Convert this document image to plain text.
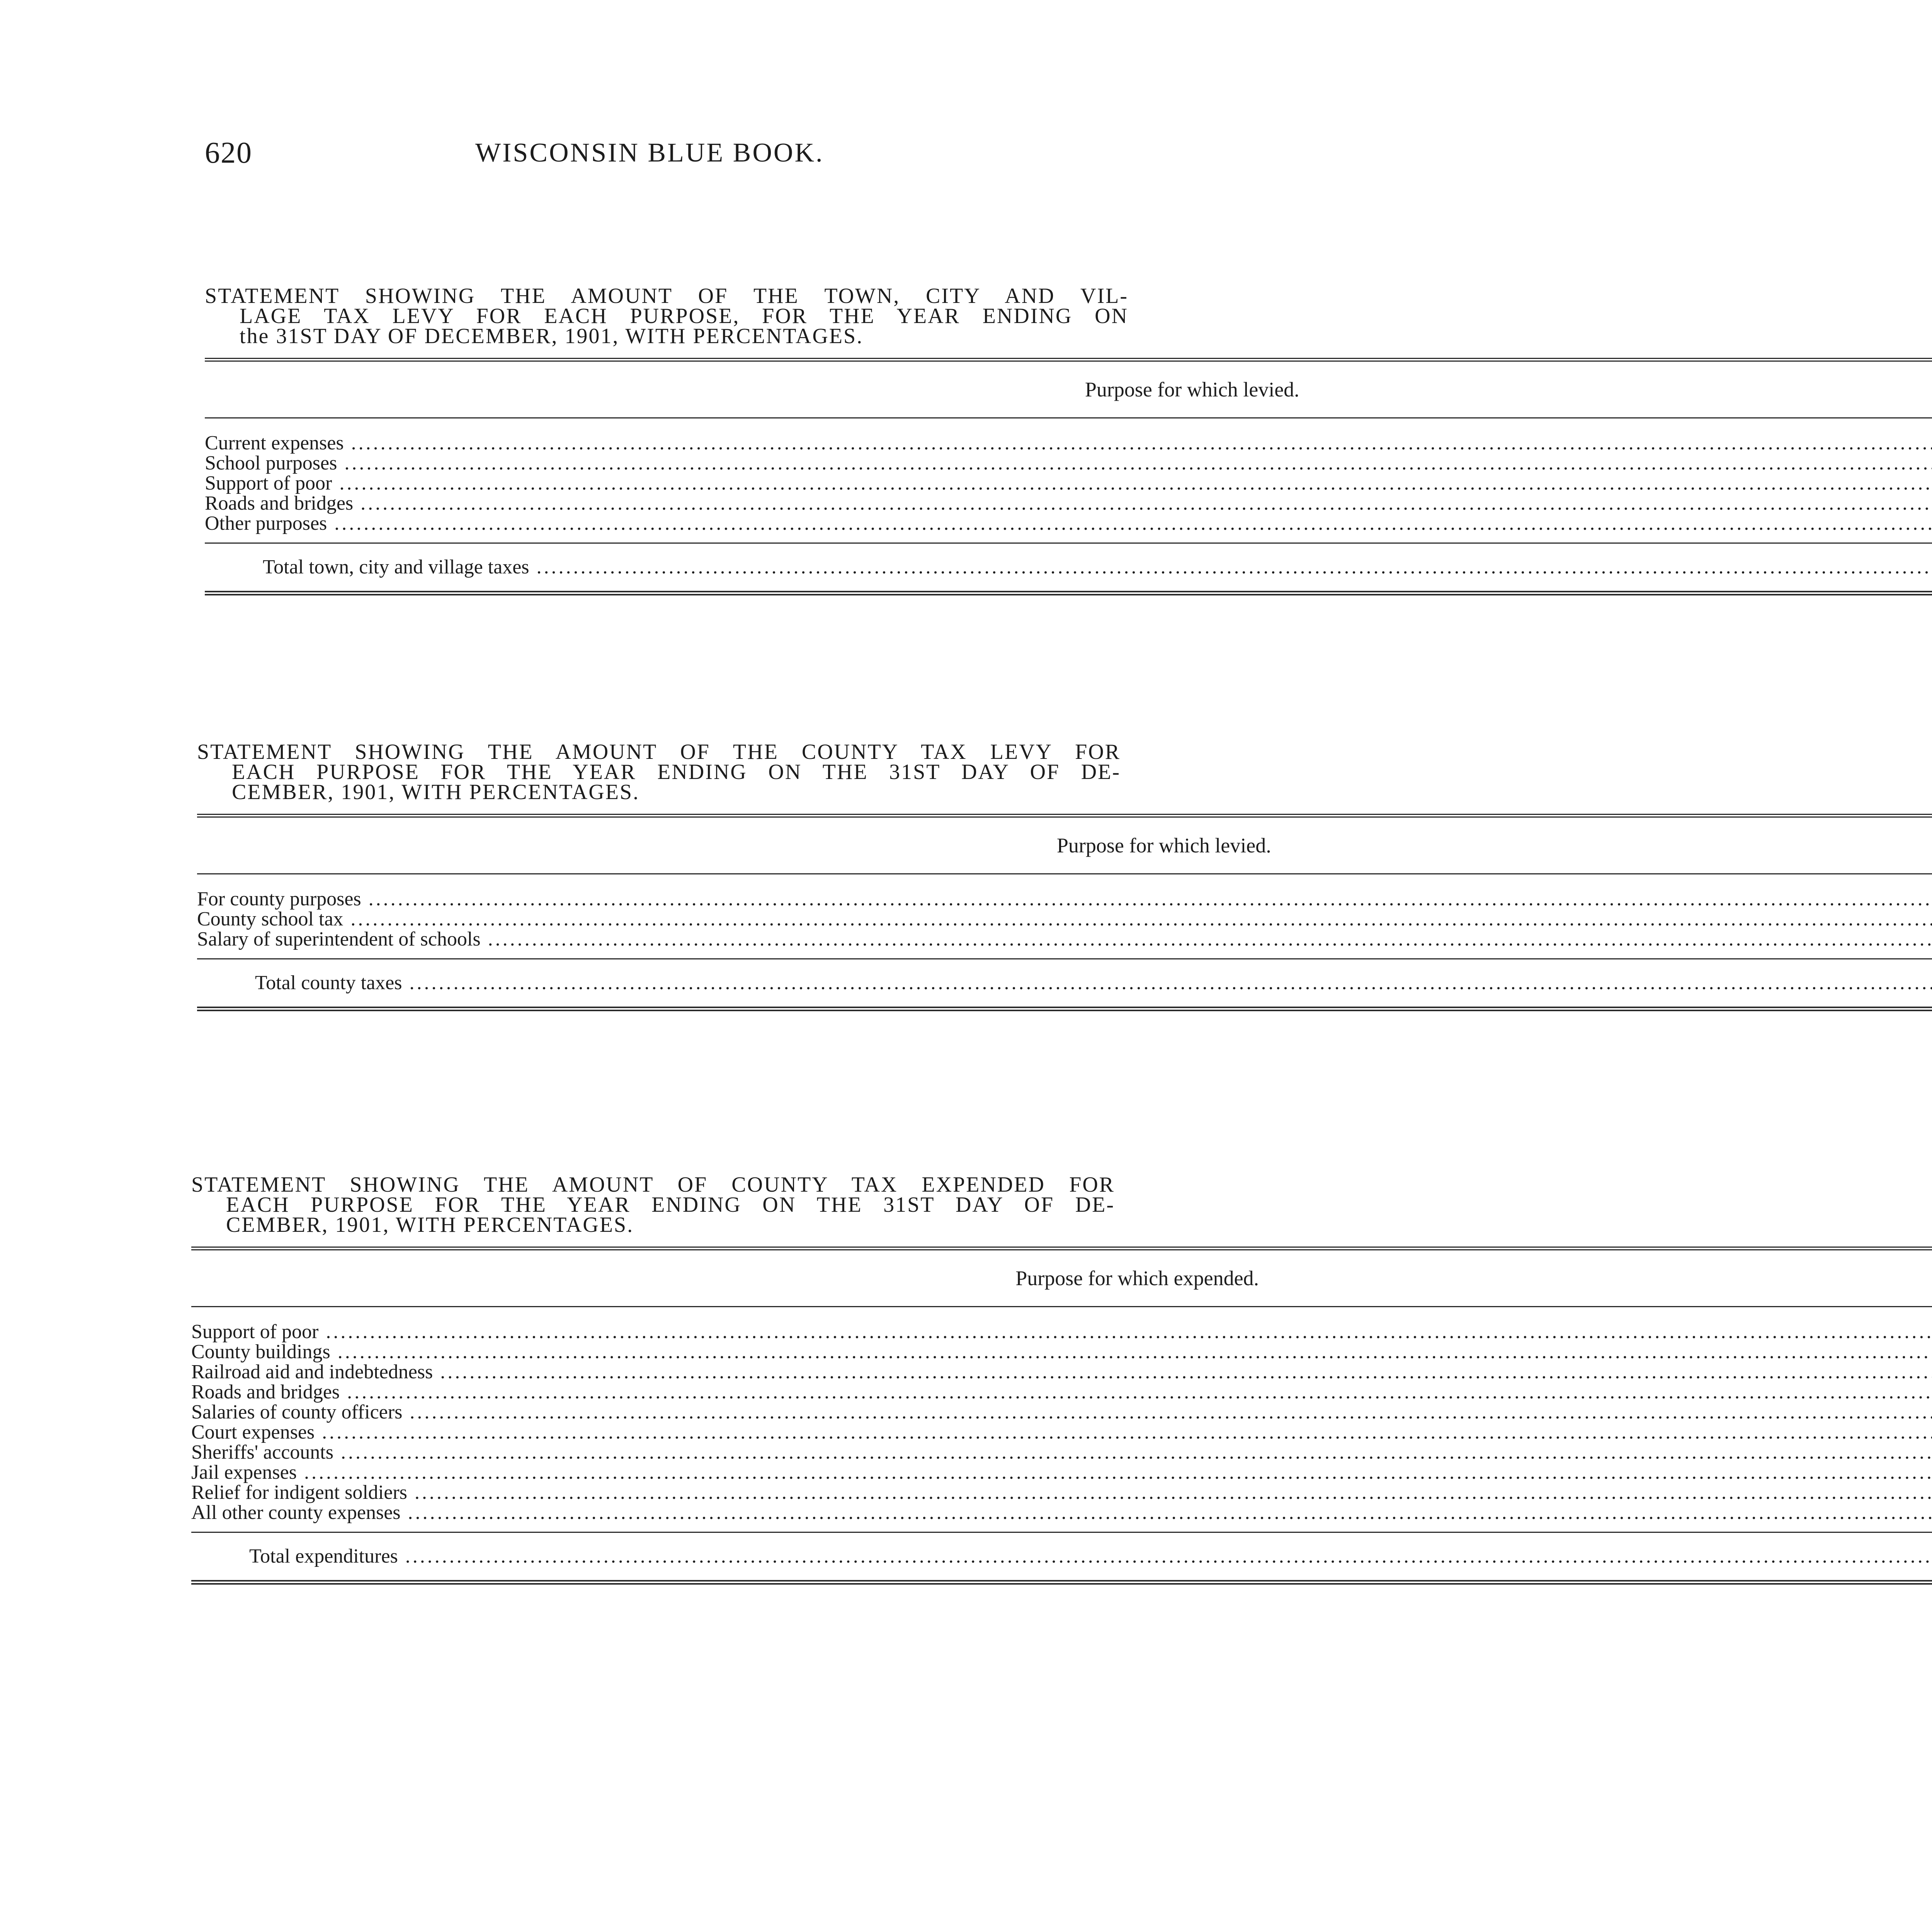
620	WISCONSIN BLUE BOOK.
STATEMENT SHOWING THE AMOUNT OF THE TOWN, CITY AND VIL-
LAGE TAX LEVY FOR EACH PURPOSE, FOR THE YEAR ENDING ON
the 31ST DAY OF DECEMBER, 1901, WITH PERCENTAGES.
Purpose for which levied.		

Current expenses .....

School purposes .....

Support of poor .....

Roads and bridges .....

Other purposes .....

Total town, city and village taxes .....

STATEMENT SHOWING THE AMOUNT OF THE COUNTY TAX LEVY FOR
EACH PURPOSE FOR THE YEAR ENDING ON THE 31ST DAY OF DE-
CEMBER, 1901, WITH PERCENTAGES.
Purpose for which levied.		

For county purposes .....

County school tax .....

Salary of superintendent of schools .....

Total county taxes .....

STATEMENT SHOWING THE AMOUNT OF COUNTY TAX EXPENDED FOR
EACH PURPOSE FOR THE YEAR ENDING ON THE 31ST DAY OF DE-
CEMBER, 1901, WITH PERCENTAGES.
Purpose for which expended.		

Support of poor .....

County buildings .....

Railroad aid and indebtedness .....

Roads and bridges .....

Salaries of county officers .....

Court expenses .....

Sheriffs' accounts .....

Jail expenses .....

Relief for indigent soldiers .....

All other county expenses .....

Total expenditures .....
